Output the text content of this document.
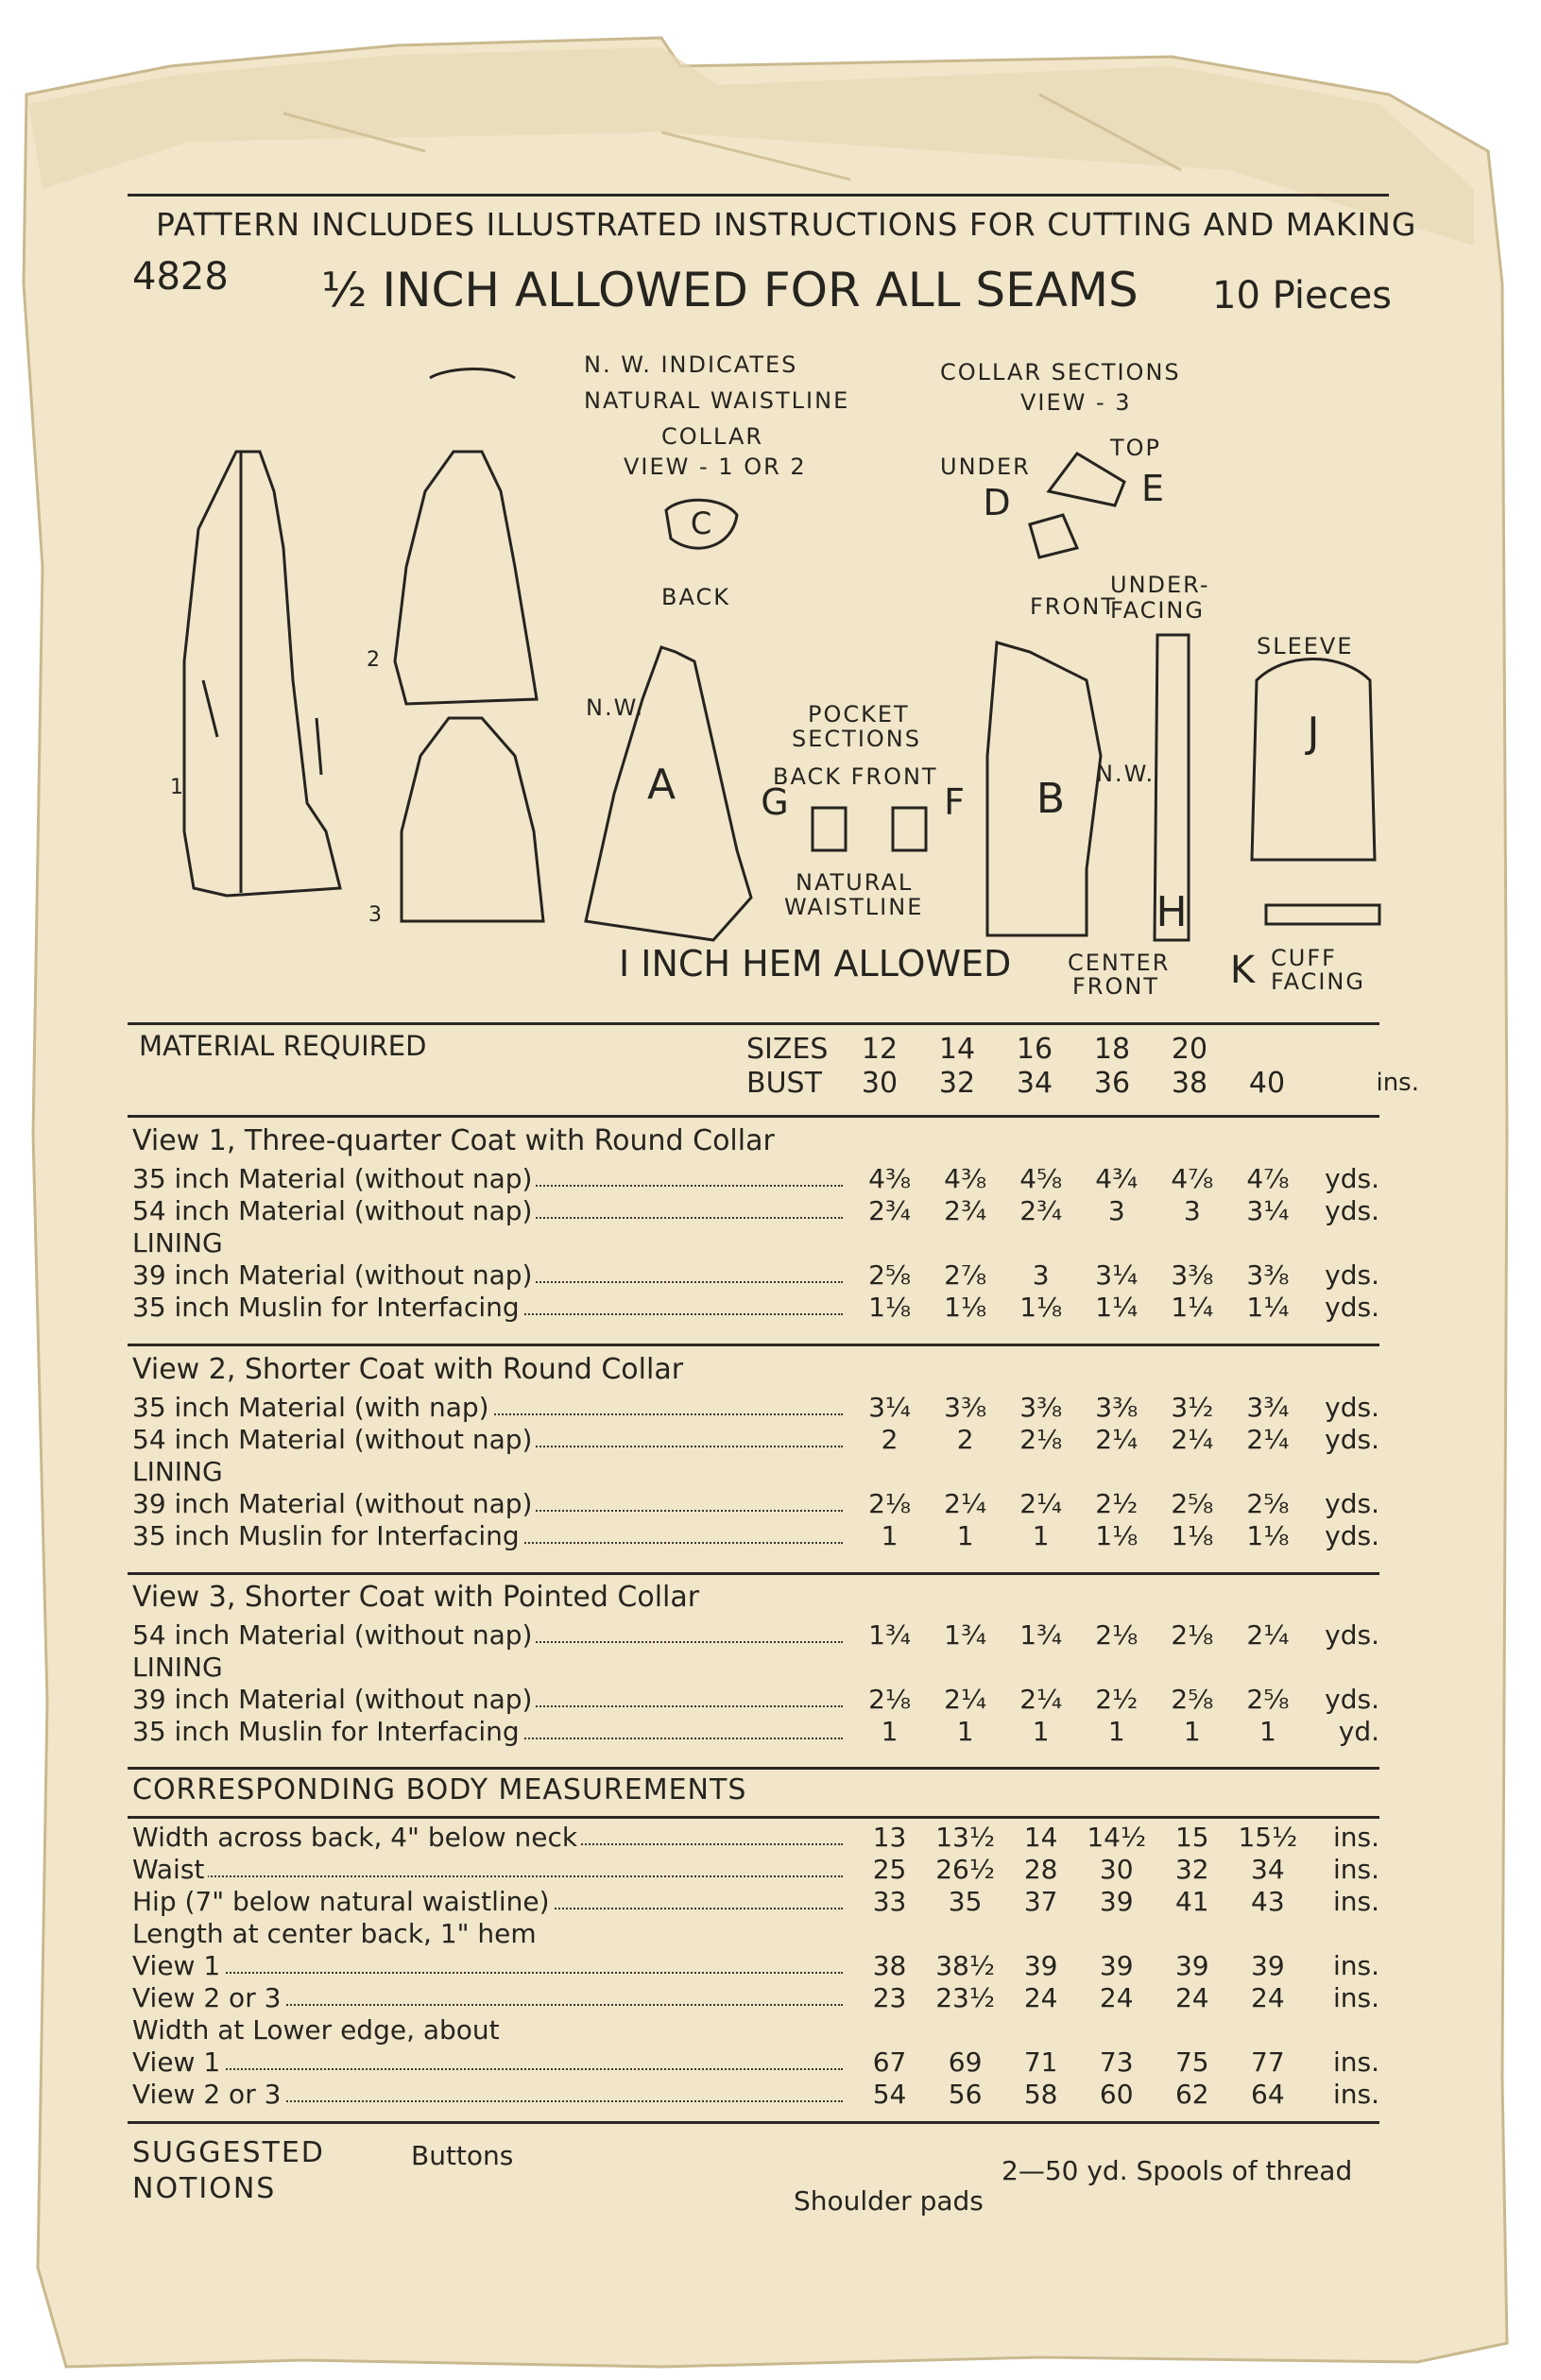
PATTERN INCLUDES ILLUSTRATED INSTRUCTIONS FOR CUTTING AND MAKING
4828 ½ INCH ALLOWED FOR ALL SEAMS 10 Pieces
1
2
3
A	B
C	D	E
F
G
H
J
K
N. W. INDICATES
NATURAL WAISTLINE
COLLAR
VIEW - 1 OR 2
COLLAR SECTIONS
VIEW - 3
UNDER
TOP
BACK	FRONT
UNDER-
FACING
SLEEVE
POCKET
SECTIONS
BACK FRONT
N.W.
N.W.
NATURAL
WAISTLINE
CENTER
FRONT
CUFF
FACING
I INCH HEM ALLOWED
MATERIAL REQUIRED	SIZES	12	14	16	18	20
BUST	30	32	34	36	38	40	ins.
View 1, Three-quarter Coat with Round Collar
35 inch Material (without nap)	4⅜	4⅜	4⅝	4¾	4⅞	4⅞	yds.
54 inch Material (without nap)	2¾	2¾	2¾	3	3	3¼	yds.
LINING
39 inch Material (without nap)	2⅝	2⅞	3	3¼	3⅜	3⅜	yds.
35 inch Muslin for Interfacing	1⅛	1⅛	1⅛	1¼	1¼	1¼	yds.
View 2, Shorter Coat with Round Collar
35 inch Material (with nap)	3¼	3⅜	3⅜	3⅜	3½	3¾	yds.
54 inch Material (without nap)	2	2	2⅛	2¼	2¼	2¼	yds.
LINING
39 inch Material (without nap)	2⅛	2¼	2¼	2½	2⅝	2⅝	yds.
35 inch Muslin for Interfacing	1	1	1	1⅛	1⅛	1⅛	yds.
View 3, Shorter Coat with Pointed Collar
54 inch Material (without nap)	1¾	1¾	1¾	2⅛	2⅛	2¼	yds.
LINING
39 inch Material (without nap)	2⅛	2¼	2¼	2½	2⅝	2⅝	yds.
35 inch Muslin for Interfacing	1	1	1	1	1	1	yd.
CORRESPONDING BODY MEASUREMENTS
Width across back, 4" below neck	13	13½	14	14½	15	15½	ins.
Waist	25	26½	28	30	32	34	ins.
Hip (7" below natural waistline)	33	35	37	39	41	43	ins.
Length at center back, 1" hem
View 1	38	38½	39	39	39	39	ins.
View 2 or 3	23	23½	24	24	24	24	ins.
Width at Lower edge, about
View 1	67	69	71	73	75	77	ins.
View 2 or 3	54	56	58	60	62	64	ins.
SUGGESTED
NOTIONS
Buttons	2—50 yd. Spools of thread
Shoulder pads
